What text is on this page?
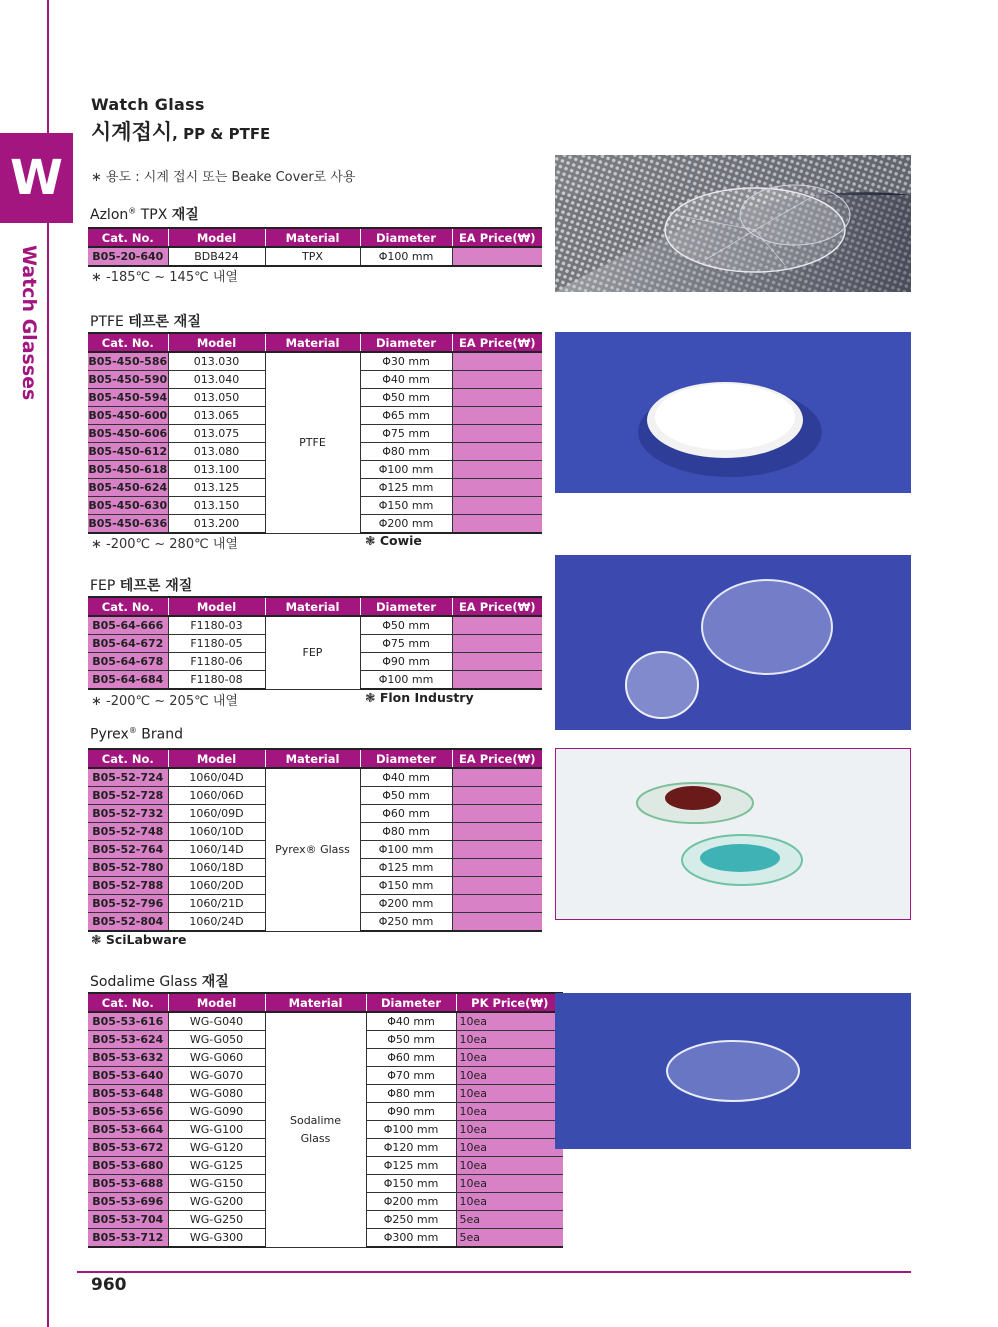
W
Watch Glasses
Watch Glass
시계접시, PP & PTFE
∗ 용도 : 시계 접시 또는 Beake Cover로 사용
Azlon® TPX 재질
Cat. No.	Model	Material	Diameter	EA Price(₩)
B05-20-640	BDB424	TPX	Φ100 mm	
∗ -185℃ ~ 145℃ 내열
PTFE 테프론 재질
Cat. No.	Model	Material	Diameter	EA Price(₩)
B05-450-586	013.030	PTFE	Φ30 mm	
B05-450-590	013.040		Φ40 mm	
B05-450-594	013.050		Φ50 mm	
B05-450-600	013.065		Φ65 mm	
B05-450-606	013.075		Φ75 mm	
B05-450-612	013.080		Φ80 mm	
B05-450-618	013.100		Φ100 mm	
B05-450-624	013.125		Φ125 mm	
B05-450-630	013.150		Φ150 mm	
B05-450-636	013.200		Φ200 mm	
∗ -200℃ ~ 280℃ 내열	❃ Cowie
FEP 테프론 재질
Cat. No.	Model	Material	Diameter	EA Price(₩)
B05-64-666	F1180-03	FEP	Φ50 mm	
B05-64-672	F1180-05		Φ75 mm	
B05-64-678	F1180-06		Φ90 mm	
B05-64-684	F1180-08		Φ100 mm	
∗ -200℃ ~ 205℃ 내열	❃ Flon Industry
Pyrex® Brand
Cat. No.	Model	Material	Diameter	EA Price(₩)
B05-52-724	1060/04D	Pyrex® Glass	Φ40 mm	
B05-52-728	1060/06D		Φ50 mm	
B05-52-732	1060/09D		Φ60 mm	
B05-52-748	1060/10D		Φ80 mm	
B05-52-764	1060/14D		Φ100 mm	
B05-52-780	1060/18D		Φ125 mm	
B05-52-788	1060/20D		Φ150 mm	
B05-52-796	1060/21D		Φ200 mm	
B05-52-804	1060/24D		Φ250 mm	
❃ SciLabware
Sodalime Glass 재질
Cat. No.	Model	Material	Diameter	PK Price(₩)
B05-53-616	WG-G040	Sodalime Glass	Φ40 mm	10ea
B05-53-624	WG-G050		Φ50 mm	10ea
B05-53-632	WG-G060		Φ60 mm	10ea
B05-53-640	WG-G070		Φ70 mm	10ea
B05-53-648	WG-G080		Φ80 mm	10ea
B05-53-656	WG-G090		Φ90 mm	10ea
B05-53-664	WG-G100		Φ100 mm	10ea
B05-53-672	WG-G120		Φ120 mm	10ea
B05-53-680	WG-G125		Φ125 mm	10ea
B05-53-688	WG-G150		Φ150 mm	10ea
B05-53-696	WG-G200		Φ200 mm	10ea
B05-53-704	WG-G250		Φ250 mm	5ea
B05-53-712	WG-G300		Φ300 mm	5ea
960
